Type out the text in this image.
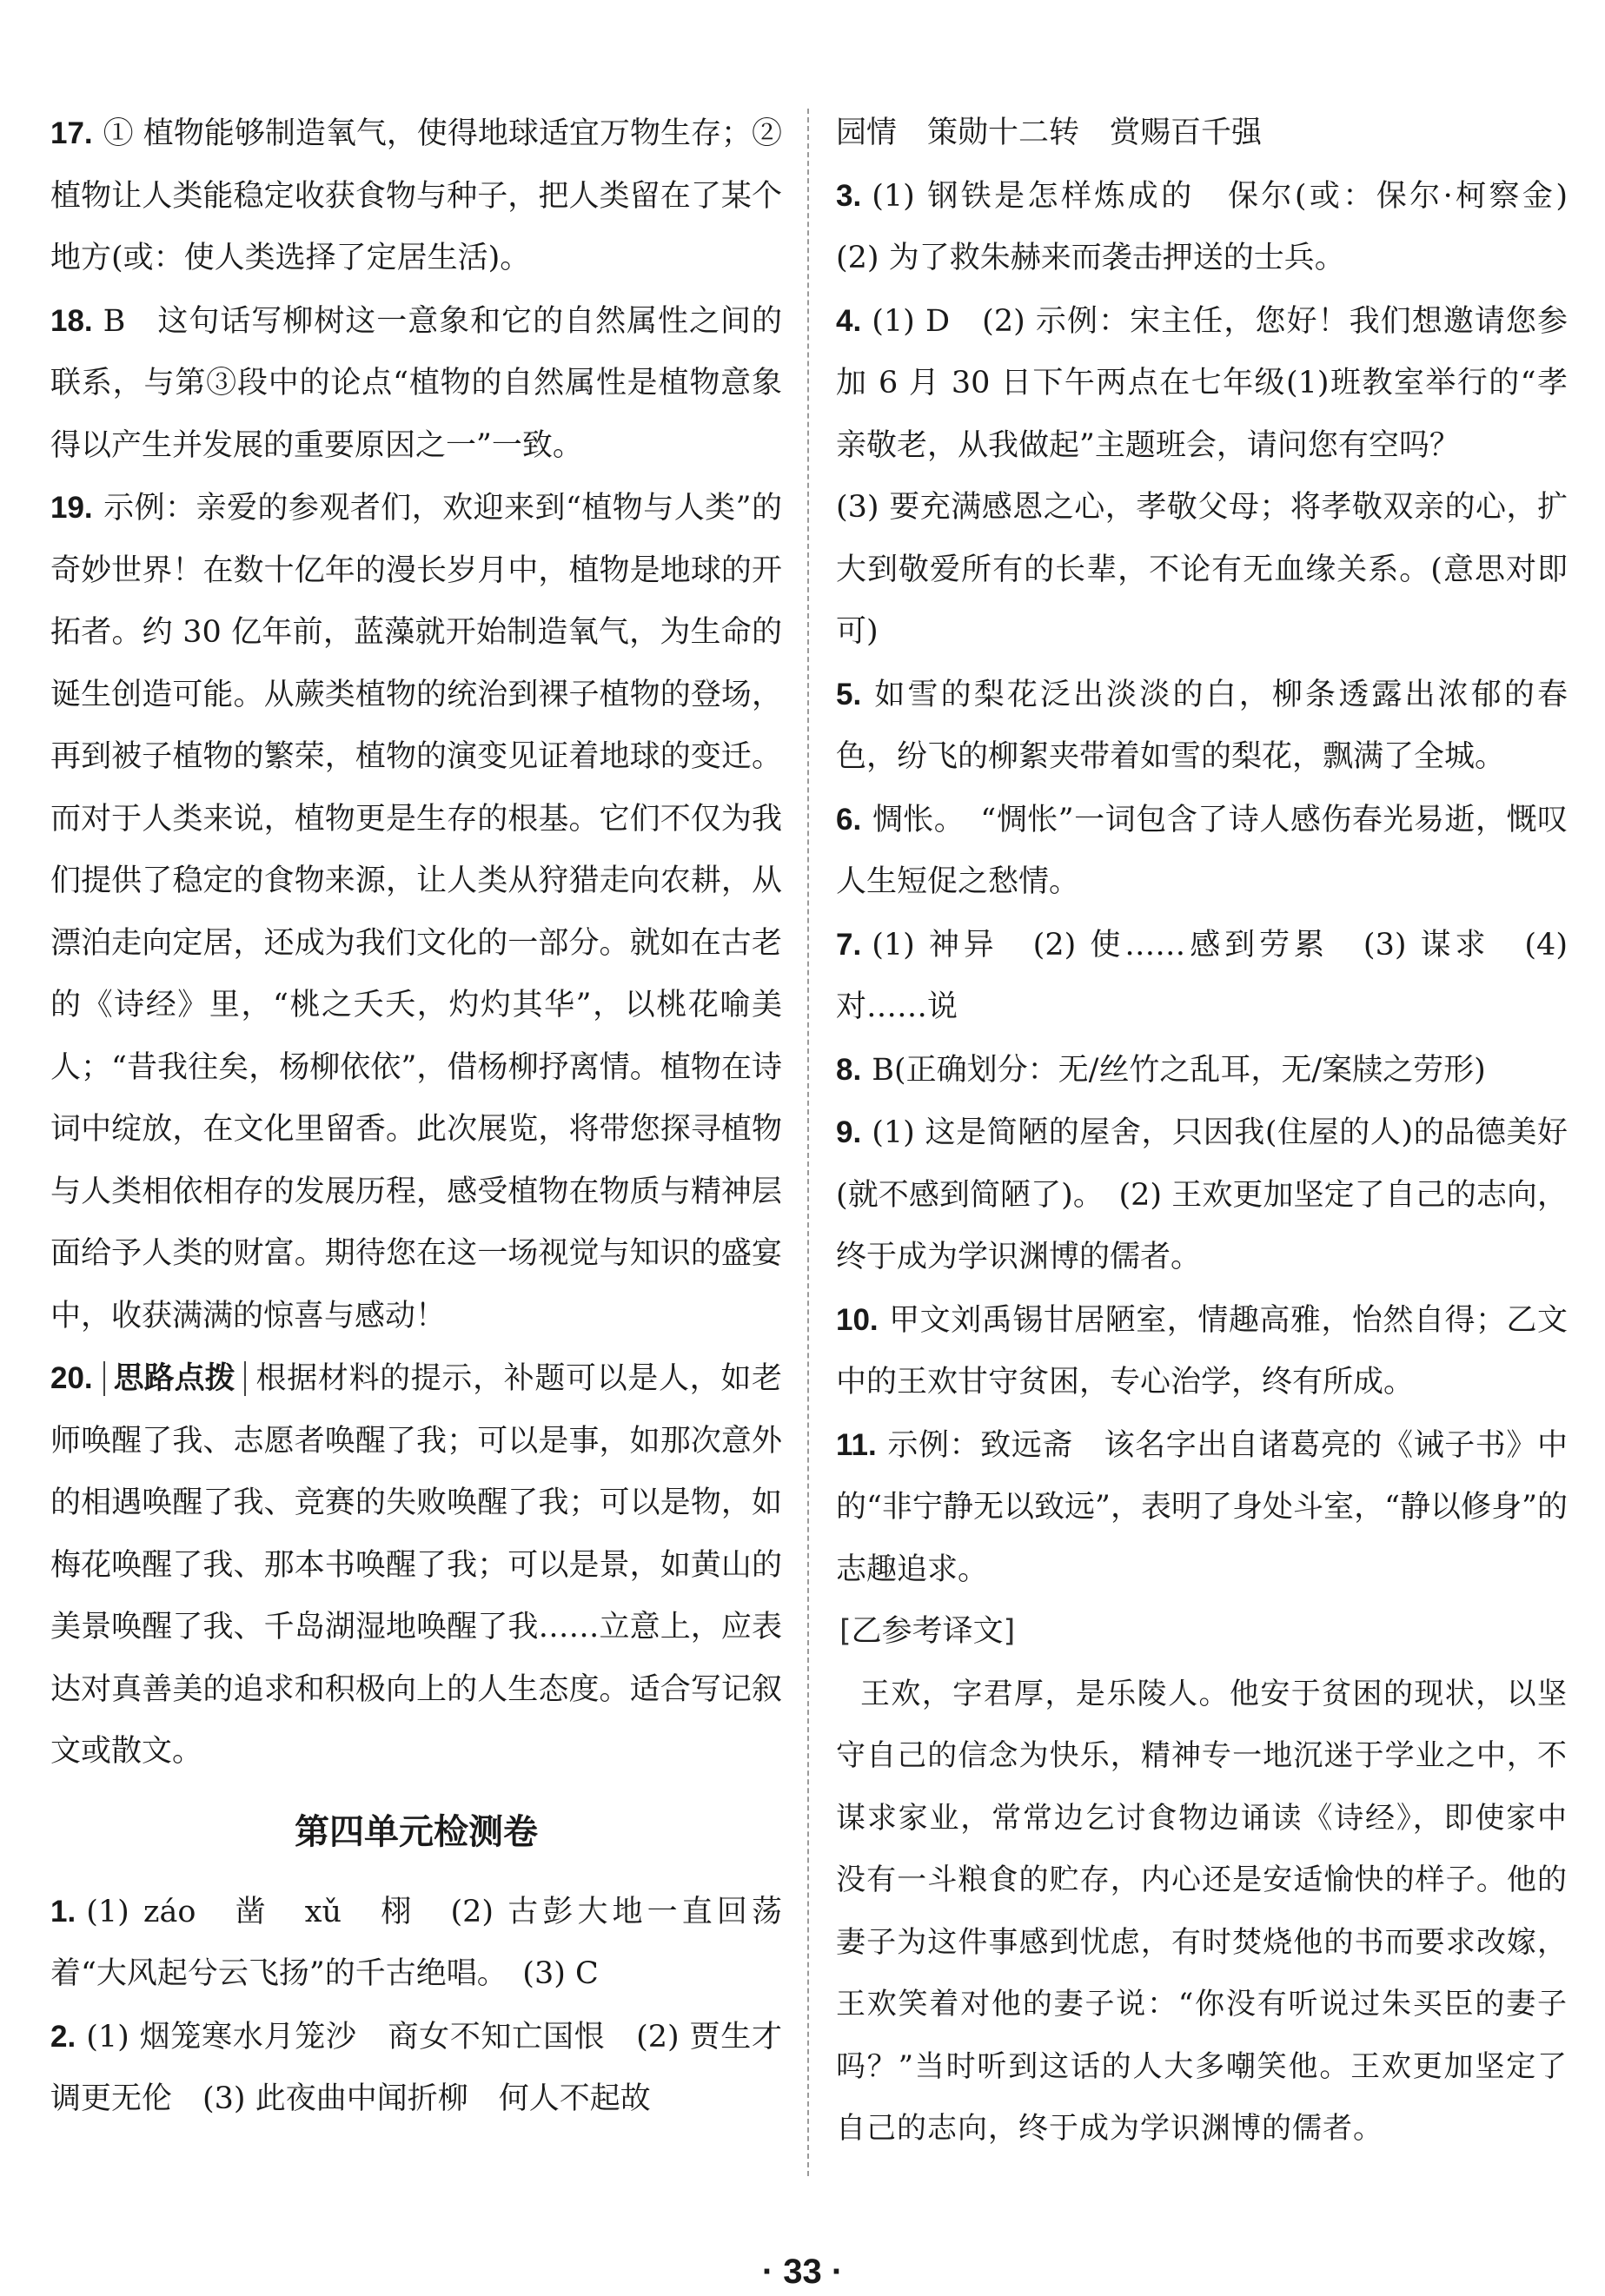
17. ① 植物能够制造氧气，使得地球适宜万物生存；② 植物让人类能稳定收获食物与种子，把人类留在了某个地方(或：使人类选择了定居生活)。

18. B　这句话写柳树这一意象和它的自然属性之间的联系，与第③段中的论点“植物的自然属性是植物意象得以产生并发展的重要原因之一”一致。

19. 示例：亲爱的参观者们，欢迎来到“植物与人类”的奇妙世界！在数十亿年的漫长岁月中，植物是地球的开拓者。约 30 亿年前，蓝藻就开始制造氧气，为生命的诞生创造可能。从蕨类植物的统治到裸子植物的登场，再到被子植物的繁荣，植物的演变见证着地球的变迁。而对于人类来说，植物更是生存的根基。它们不仅为我们提供了稳定的食物来源，让人类从狩猎走向农耕，从漂泊走向定居，还成为我们文化的一部分。就如在古老的《诗经》里，“桃之夭夭，灼灼其华”，以桃花喻美人；“昔我往矣，杨柳依依”，借杨柳抒离情。植物在诗词中绽放，在文化里留香。此次展览，将带您探寻植物与人类相依相存的发展历程，感受植物在物质与精神层面给予人类的财富。期待您在这一场视觉与知识的盛宴中，收获满满的惊喜与感动！

20. 思路点拨 根据材料的提示，补题可以是人，如老师唤醒了我、志愿者唤醒了我；可以是事，如那次意外的相遇唤醒了我、竞赛的失败唤醒了我；可以是物，如梅花唤醒了我、那本书唤醒了我；可以是景，如黄山的美景唤醒了我、千岛湖湿地唤醒了我……立意上，应表达对真善美的追求和积极向上的人生态度。适合写记叙文或散文。

第四单元检测卷

1. (1) záo　凿　xǔ　栩　(2) 古彭大地一直回荡着“大风起兮云飞扬”的千古绝唱。　(3) C

2. (1) 烟笼寒水月笼沙　商女不知亡国恨　(2) 贾生才调更无伦　(3) 此夜曲中闻折柳　何人不起故

园情　策勋十二转　赏赐百千强

3. (1) 钢铁是怎样炼成的　保尔(或：保尔·柯察金)　(2) 为了救朱赫来而袭击押送的士兵。

4. (1) D　(2) 示例：宋主任，您好！我们想邀请您参加 6 月 30 日下午两点在七年级(1)班教室举行的“孝亲敬老，从我做起”主题班会，请问您有空吗？

(3) 要充满感恩之心，孝敬父母；将孝敬双亲的心，扩大到敬爱所有的长辈，不论有无血缘关系。(意思对即可)

5. 如雪的梨花泛出淡淡的白，柳条透露出浓郁的春色，纷飞的柳絮夹带着如雪的梨花，飘满了全城。

6. 惆怅。　“惆怅”一词包含了诗人感伤春光易逝，慨叹人生短促之愁情。

7. (1) 神异　(2) 使……感到劳累　(3) 谋求　(4) 对……说

8. B(正确划分：无/丝竹之乱耳，无/案牍之劳形)

9. (1) 这是简陋的屋舍，只因我(住屋的人)的品德美好(就不感到简陋了)。　(2) 王欢更加坚定了自己的志向，终于成为学识渊博的儒者。

10. 甲文刘禹锡甘居陋室，情趣高雅，怡然自得；乙文中的王欢甘守贫困，专心治学，终有所成。

11. 示例：致远斋　该名字出自诸葛亮的《诫子书》中的“非宁静无以致远”，表明了身处斗室，“静以修身”的志趣追求。

[乙参考译文]

王欢，字君厚，是乐陵人。他安于贫困的现状，以坚守自己的信念为快乐，精神专一地沉迷于学业之中，不谋求家业，常常边乞讨食物边诵读《诗经》，即使家中没有一斗粮食的贮存，内心还是安适愉快的样子。他的妻子为这件事感到忧虑，有时焚烧他的书而要求改嫁，王欢笑着对他的妻子说：“你没有听说过朱买臣的妻子吗？”当时听到这话的人大多嘲笑他。王欢更加坚定了自己的志向，终于成为学识渊博的儒者。

· 33 ·
